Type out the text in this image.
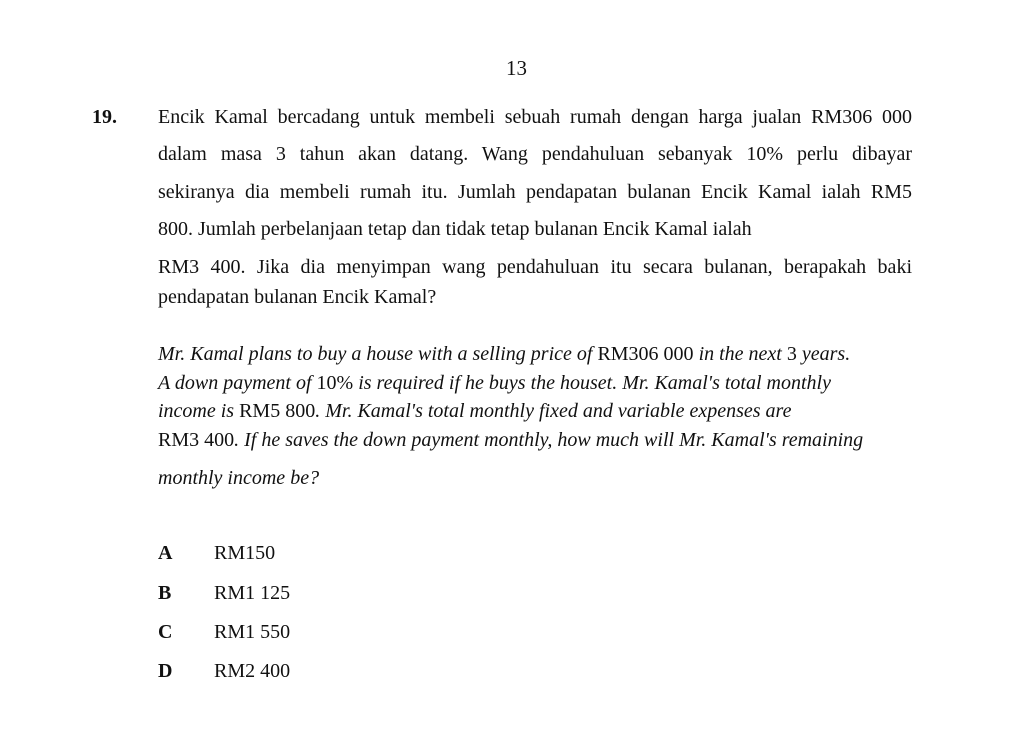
13
19. Encik Kamal bercadang untuk membeli sebuah rumah dengan harga jualan RM306 000
dalam masa 3 tahun akan datang. Wang pendahuluan sebanyak 10% perlu dibayar
sekiranya dia membeli rumah itu. Jumlah pendapatan bulanan Encik Kamal ialah RM5
800. Jumlah perbelanjaan tetap dan tidak tetap bulanan Encik Kamal ialah
RM3 400. Jika dia menyimpan wang pendahuluan itu secara bulanan, berapakah baki
pendapatan bulanan Encik Kamal?
Mr. Kamal plans to buy a house with a selling price of RM306 000 in the next 3 years.
A down payment of 10% is required if he buys the houset. Mr. Kamal's total monthly
income is RM5 800. Mr. Kamal's total monthly fixed and variable expenses are
RM3 400. If he saves the down payment monthly, how much will Mr. Kamal's remaining
monthly income be?
A RM150
B RM1 125
C RM1 550
D RM2 400
